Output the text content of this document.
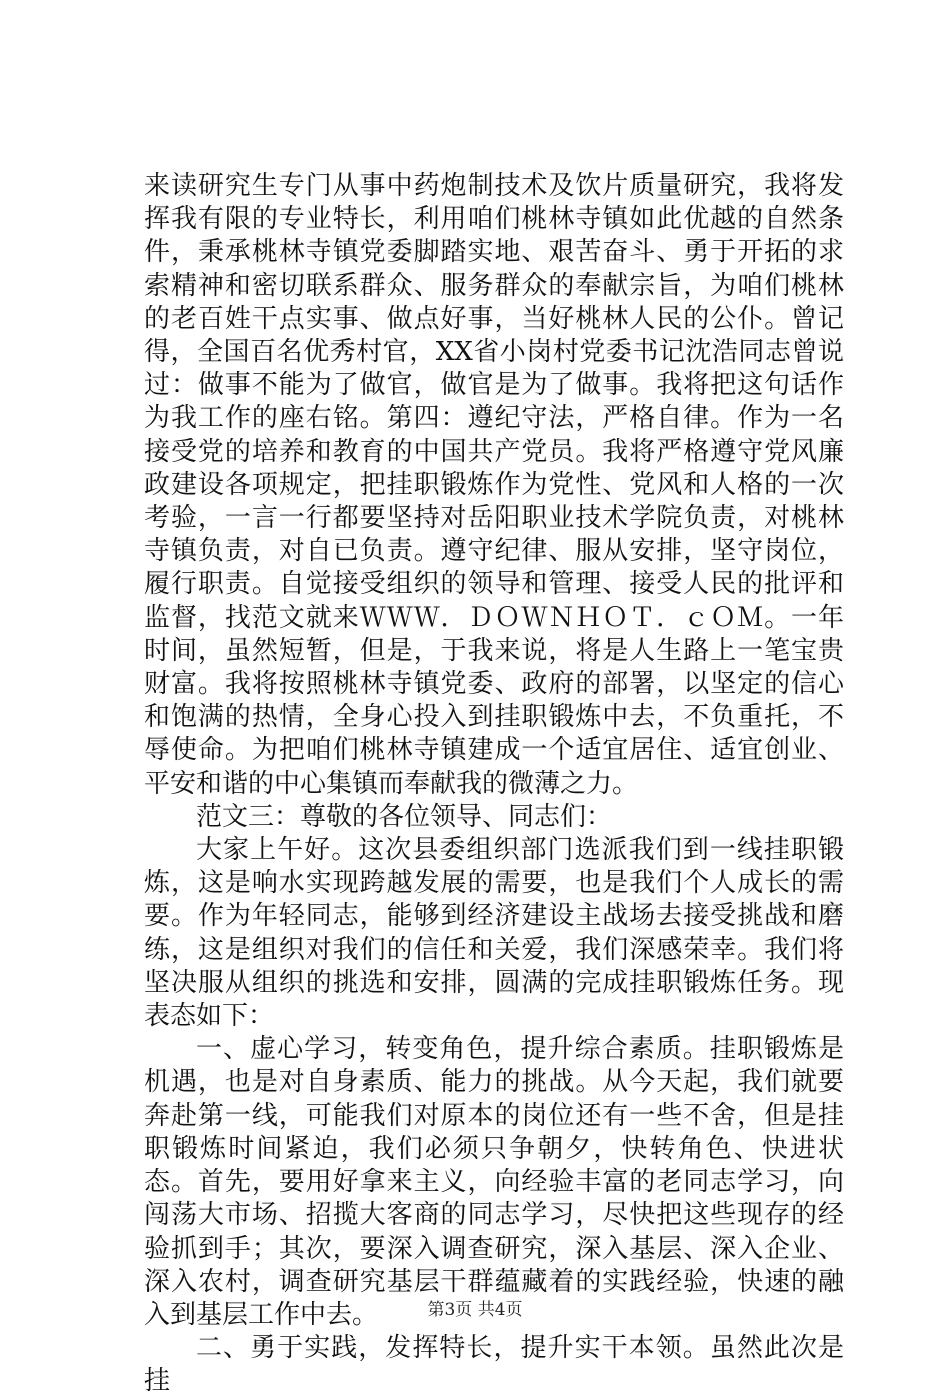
来读研究生专门从事中药炮制技术及饮片质量研究，我将发挥我有限的专业特长，利用咱们桃林寺镇如此优越的自然条件，秉承桃林寺镇党委脚踏实地、艰苦奋斗、勇于开拓的求索精神和密切联系群众、服务群众的奉献宗旨，为咱们桃林的老百姓干点实事、做点好事，当好桃林人民的公仆。曾记得，全国百名优秀村官，XX省小岗村党委书记沈浩同志曾说过：做事不能为了做官，做官是为了做事。我将把这句话作为我工作的座右铭。第四：遵纪守法，严格自律。作为一名接受党的培养和教育的中国共产党员。我将严格遵守党风廉政建设各项规定，把挂职锻炼作为党性、党风和人格的一次考验，一言一行都要坚持对岳阳职业技术学院负责，对桃林寺镇负责，对自已负责。遵守纪律、服从安排，坚守岗位，履行职责。自觉接受组织的领导和管理、接受人民的批评和监督，找范文就来ＷＷＷ．ＤＯＷＮＨＯＴ．ｃＯＭ。一年时间，虽然短暂，但是，于我来说，将是人生路上一笔宝贵财富。我将按照桃林寺镇党委、政府的部署，以坚定的信心和饱满的热情，全身心投入到挂职锻炼中去，不负重托，不辱使命。为把咱们桃林寺镇建成一个适宜居住、适宜创业、平安和谐的中心集镇而奉献我的微薄之力。

范文三：尊敬的各位领导、同志们：

大家上午好。这次县委组织部门选派我们到一线挂职锻炼，这是响水实现跨越发展的需要，也是我们个人成长的需要。作为年轻同志，能够到经济建设主战场去接受挑战和磨练，这是组织对我们的信任和关爱，我们深感荣幸。我们将坚决服从组织的挑选和安排，圆满的完成挂职锻炼任务。现表态如下：

一、虚心学习，转变角色，提升综合素质。挂职锻炼是机遇，也是对自身素质、能力的挑战。从今天起，我们就要奔赴第一线，可能我们对原本的岗位还有一些不舍，但是挂职锻炼时间紧迫，我们必须只争朝夕，快转角色、快进状态。首先，要用好拿来主义，向经验丰富的老同志学习，向闯荡大市场、招揽大客商的同志学习，尽快把这些现存的经验抓到手；其次，要深入调查研究，深入基层、深入企业、深入农村，调查研究基层干群蕴藏着的实践经验，快速的融入到基层工作中去。

二、勇于实践，发挥特长，提升实干本领。虽然此次是挂

第3页 共4页
